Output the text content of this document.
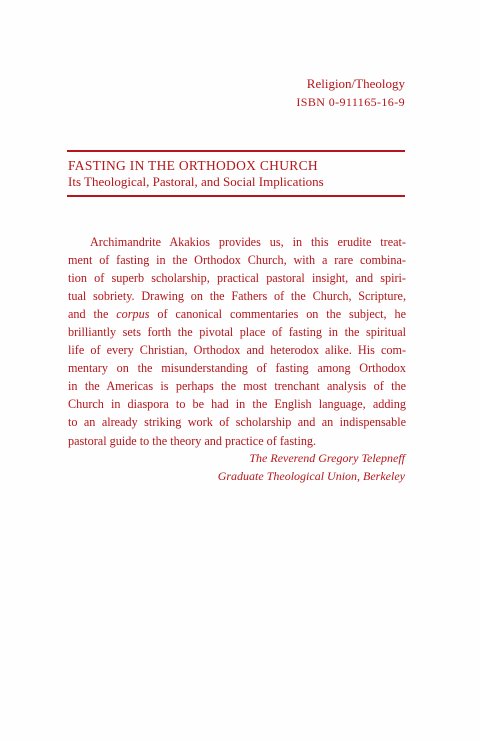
Religion/Theology
ISBN 0-911165-16-9
FASTING IN THE ORTHODOX CHURCH
Its Theological, Pastoral, and Social Implications

Archimandrite Akakios provides us, in this erudite treat-
ment of fasting in the Orthodox Church, with a rare combina-
tion of superb scholarship, practical pastoral insight, and spiri-
tual sobriety. Drawing on the Fathers of the Church, Scripture,
and the corpus of canonical commentaries on the subject, he
brilliantly sets forth the pivotal place of fasting in the spiritual
life of every Christian, Orthodox and heterodox alike. His com-
mentary on the misunderstanding of fasting among Orthodox
in the Americas is perhaps the most trenchant analysis of the
Church in diaspora to be had in the English language, adding
to an already striking work of scholarship and an indispensable
pastoral guide to the theory and practice of fasting.

The Reverend Gregory Telepneff
Graduate Theological Union, Berkeley
